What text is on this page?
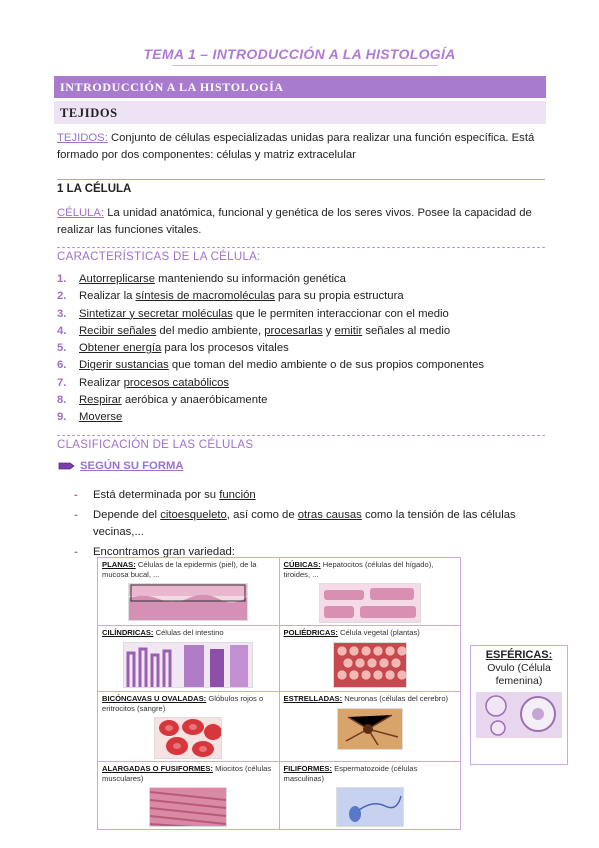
TEMA 1 – INTRODUCCIÓN A LA HISTOLOGÍA
INTRODUCCIÓN A LA HISTOLOGÍA
TEJIDOS
TEJIDOS: Conjunto de células especializadas unidas para realizar una función específica. Está formado por dos componentes: células y matriz extracelular
1 LA CÉLULA
CÉLULA: La unidad anatómica, funcional y genética de los seres vivos. Posee la capacidad de realizar las funciones vitales.
CARACTERÍSTICAS DE LA CÉLULA:
1. Autorreplicarse manteniendo su información genética
2. Realizar la síntesis de macromoléculas para su propia estructura
3. Sintetizar y secretar moléculas que le permiten interaccionar con el medio
4. Recibir señales del medio ambiente, procesarlas y emitir señales al medio
5. Obtener energía para los procesos vitales
6. Digerir sustancias que toman del medio ambiente o de sus propios componentes
7. Realizar procesos catabólicos
8. Respirar aeróbica y anaeróbicamente
9. Moverse
CLASIFICACIÓN DE LAS CÉLULAS
SEGÚN SU FORMA
- Está determinada por su función
- Depende del citoesqueleto, así como de otras causas como la tensión de las células vecinas,...
- Encontramos gran variedad:
PLANAS: Células de la epidermis (piel), de la mucosa bucal, ...	CÚBICAS: Hepatocitos (células del hígado), tiroides, ...

CILÍNDRICAS: Células del intestino	POLIÉDRICAS: Célula vegetal (plantas)

BICÓNCAVAS U OVALADAS: Glóbulos rojos o eritrocitos (sangre)	ESTRELLADAS: Neuronas (células del cerebro)

ALARGADAS O FUSIFORMES: Miocitos (células musculares)	FILIFORMES: Espermatozoide (células masculinas)
ESFÉRICAS:
Ovulo (Célula femenina)
